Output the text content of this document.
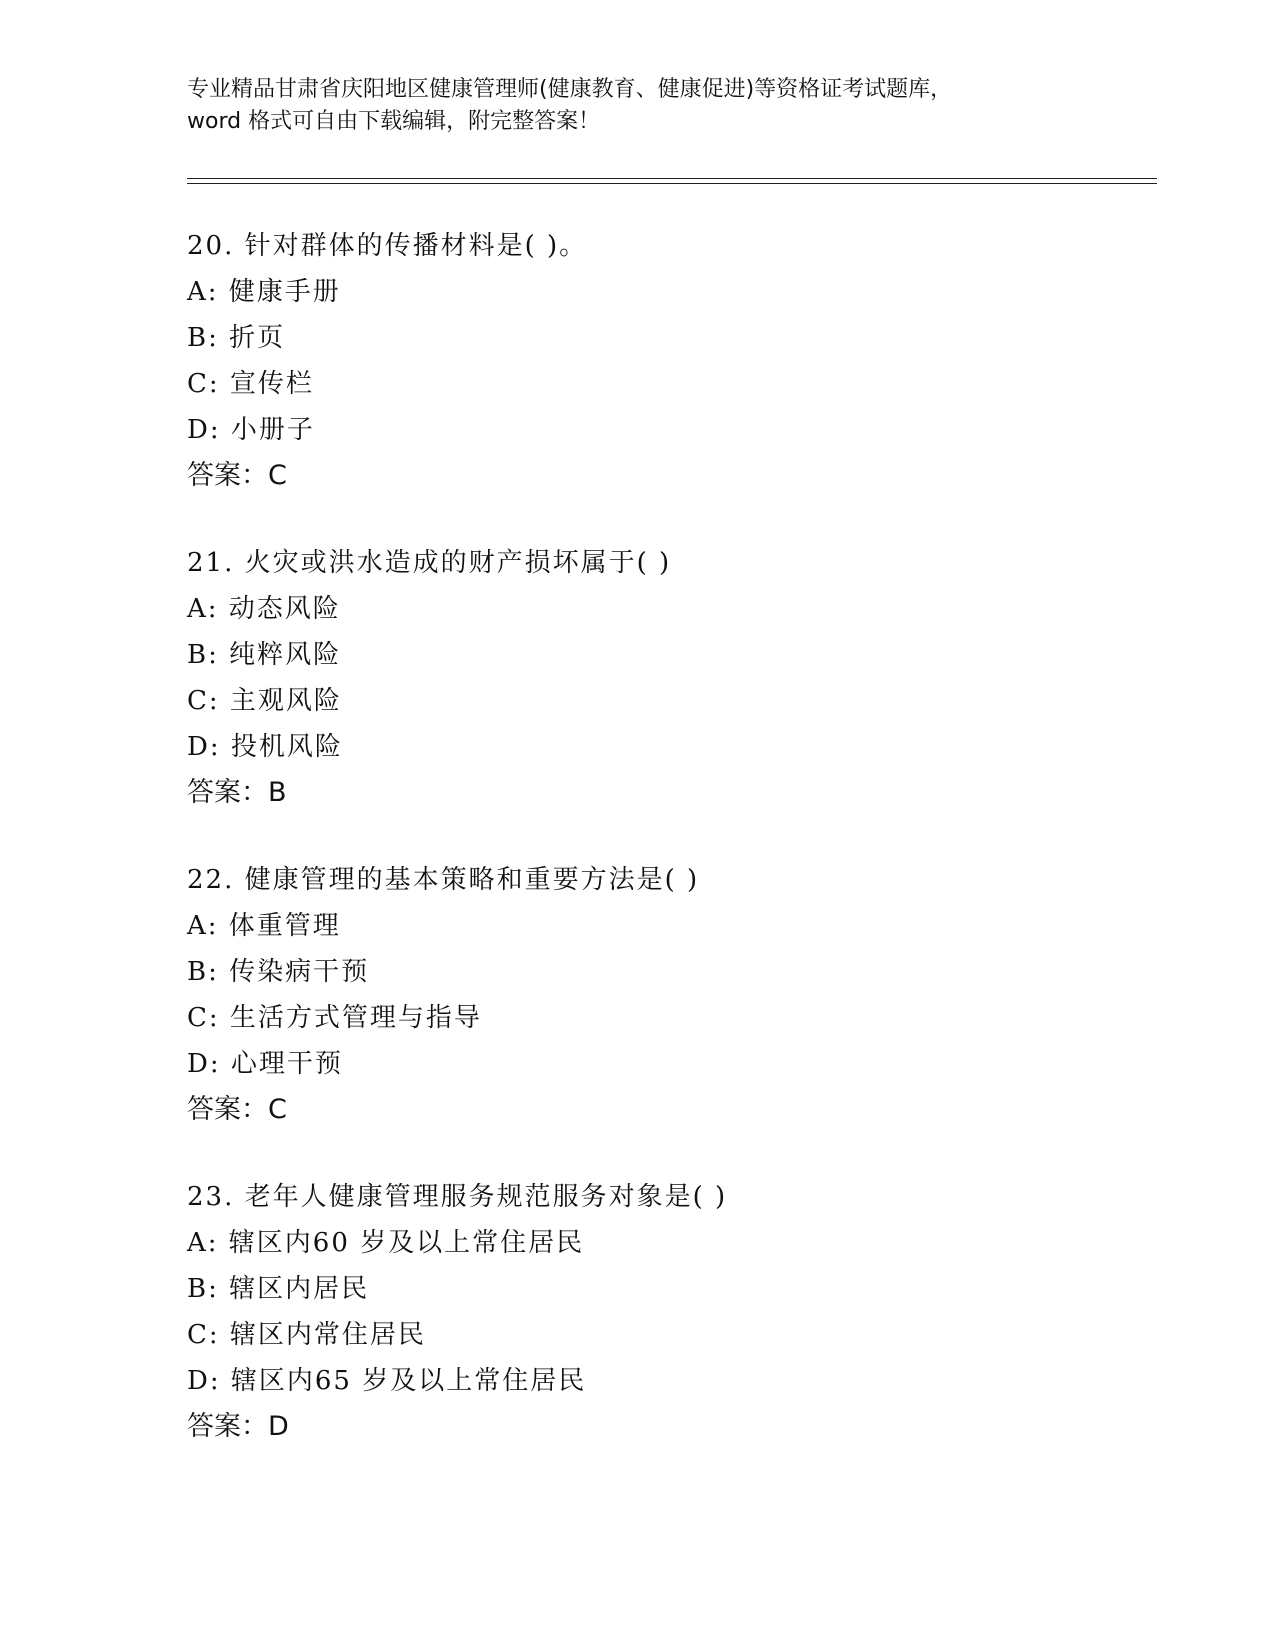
专业精品甘肃省庆阳地区健康管理师(健康教育、健康促进)等资格证考试题库，
word 格式可自由下载编辑，附完整答案！
20. 针对群体的传播材料是( )。
A: 健康手册
B: 折页
C: 宣传栏
D: 小册子
答案：C
21. 火灾或洪水造成的财产损坏属于( )
A: 动态风险
B: 纯粹风险
C: 主观风险
D: 投机风险
答案：B
22. 健康管理的基本策略和重要方法是( )
A: 体重管理
B: 传染病干预
C: 生活方式管理与指导
D: 心理干预
答案：C
23. 老年人健康管理服务规范服务对象是( )
A: 辖区内60 岁及以上常住居民
B: 辖区内居民
C: 辖区内常住居民
D: 辖区内65 岁及以上常住居民
答案：D
